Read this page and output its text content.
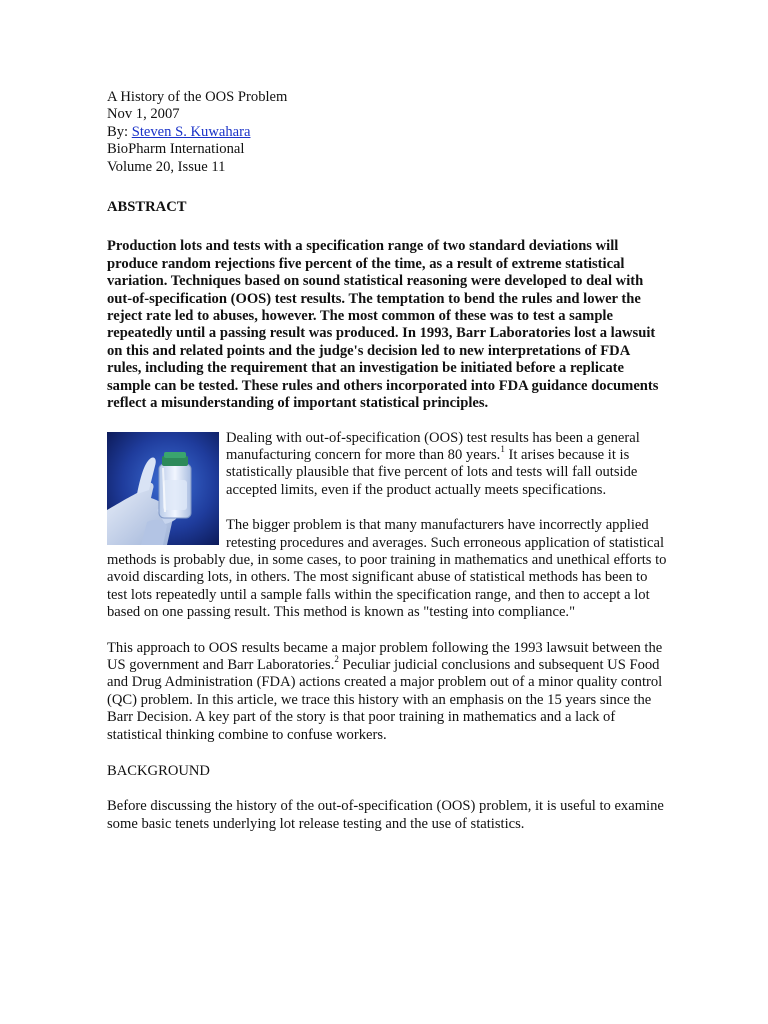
A History of the OOS Problem
Nov 1, 2007
By: Steven S. Kuwahara
BioPharm International
Volume 20, Issue 11
ABSTRACT

Production lots and tests with a specification range of two standard deviations will produce random rejections five percent of the time, as a result of extreme statistical variation. Techniques based on sound statistical reasoning were developed to deal with out-of-specification (OOS) test results. The temptation to bend the rules and lower the reject rate led to abuses, however. The most common of these was to test a sample repeatedly until a passing result was produced. In 1993, Barr Laboratories lost a lawsuit on this and related points and the judge's decision led to new interpretations of FDA rules, including the requirement that an investigation be initiated before a replicate sample can be tested. These rules and others incorporated into FDA guidance documents reflect a misunderstanding of important statistical principles.

Dealing with out-of-specification (OOS) test results has been a general manufacturing concern for more than 80 years.$^1$ It arises because it is statistically plausible that five percent of lots and tests will fall outside accepted limits, even if the product actually meets specifications.

The bigger problem is that many manufacturers have incorrectly applied retesting procedures and averages. Such erroneous application of statistical methods is probably due, in some cases, to poor training in mathematics and unethical efforts to avoid discarding lots, in others. The most significant abuse of statistical methods has been to test lots repeatedly until a sample falls within the specification range, and then to accept a lot based on one passing result. This method is known as "testing into compliance."

This approach to OOS results became a major problem following the 1993 lawsuit between the US government and Barr Laboratories.$^2$ Peculiar judicial conclusions and subsequent US Food and Drug Administration (FDA) actions created a major problem out of a minor quality control (QC) problem. In this article, we trace this history with an emphasis on the 15 years since the Barr Decision. A key part of the story is that poor training in mathematics and a lack of statistical thinking combine to confuse workers.

BACKGROUND

Before discussing the history of the out-of-specification (OOS) problem, it is useful to examine some basic tenets underlying lot release testing and the use of statistics.
